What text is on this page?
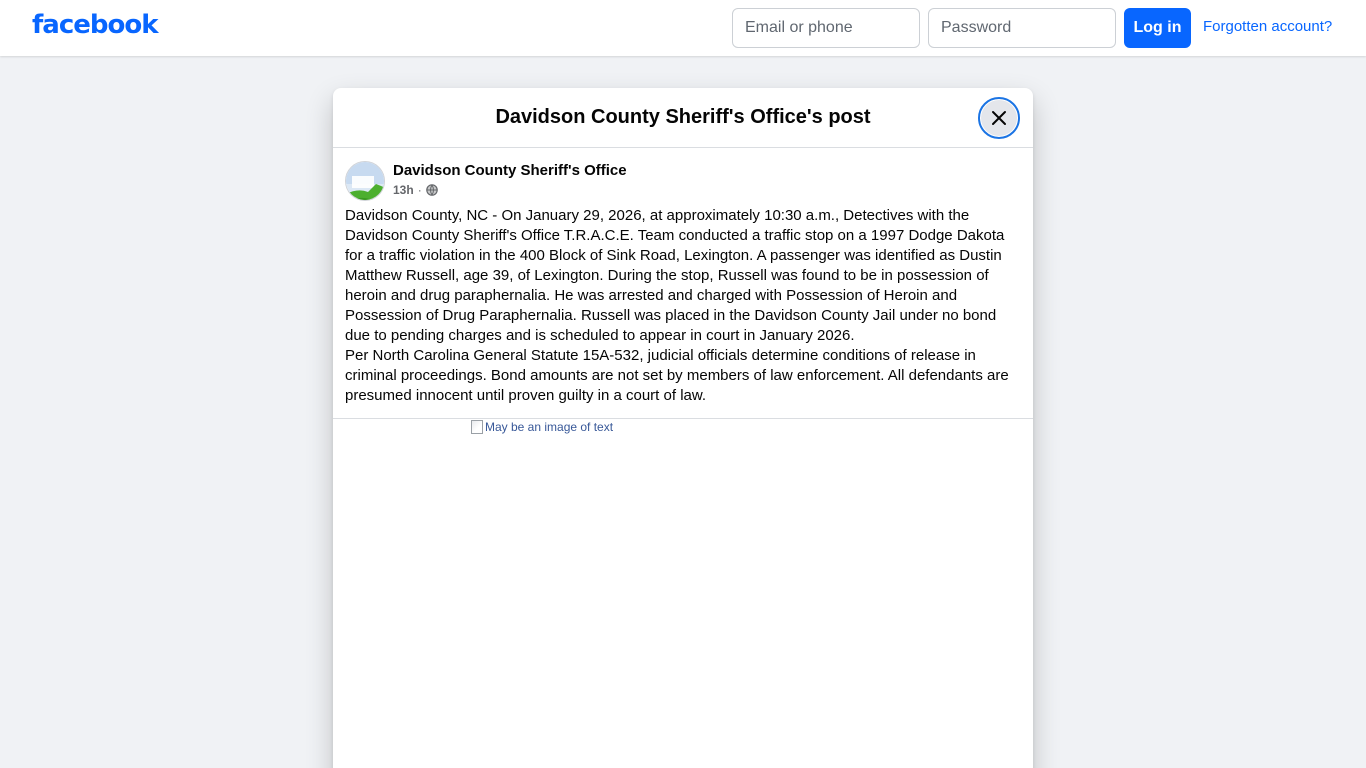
facebook
Email or phone	Log in	Forgotten account?
Davidson County Sheriff's Office's post
Davidson County Sheriff's Office
13h ·

Davidson County, NC - On January 29, 2026, at approximately 10:30 a.m., Detectives with the Davidson County Sheriff's Office T.R.A.C.E. Team conducted a traffic stop on a 1997 Dodge Dakota for a traffic violation in the 400 Block of Sink Road, Lexington. A passenger was identified as Dustin Matthew Russell, age 39, of Lexington. During the stop, Russell was found to be in possession of heroin and drug paraphernalia. He was arrested and charged with Possession of Heroin and Possession of Drug Paraphernalia. Russell was placed in the Davidson County Jail under no bond due to pending charges and is scheduled to appear in court in January 2026.

Per North Carolina General Statute 15A-532, judicial officials determine conditions of release in criminal proceedings. Bond amounts are not set by members of law enforcement. All defendants are presumed innocent until proven guilty in a court of law.

May be an image of text
